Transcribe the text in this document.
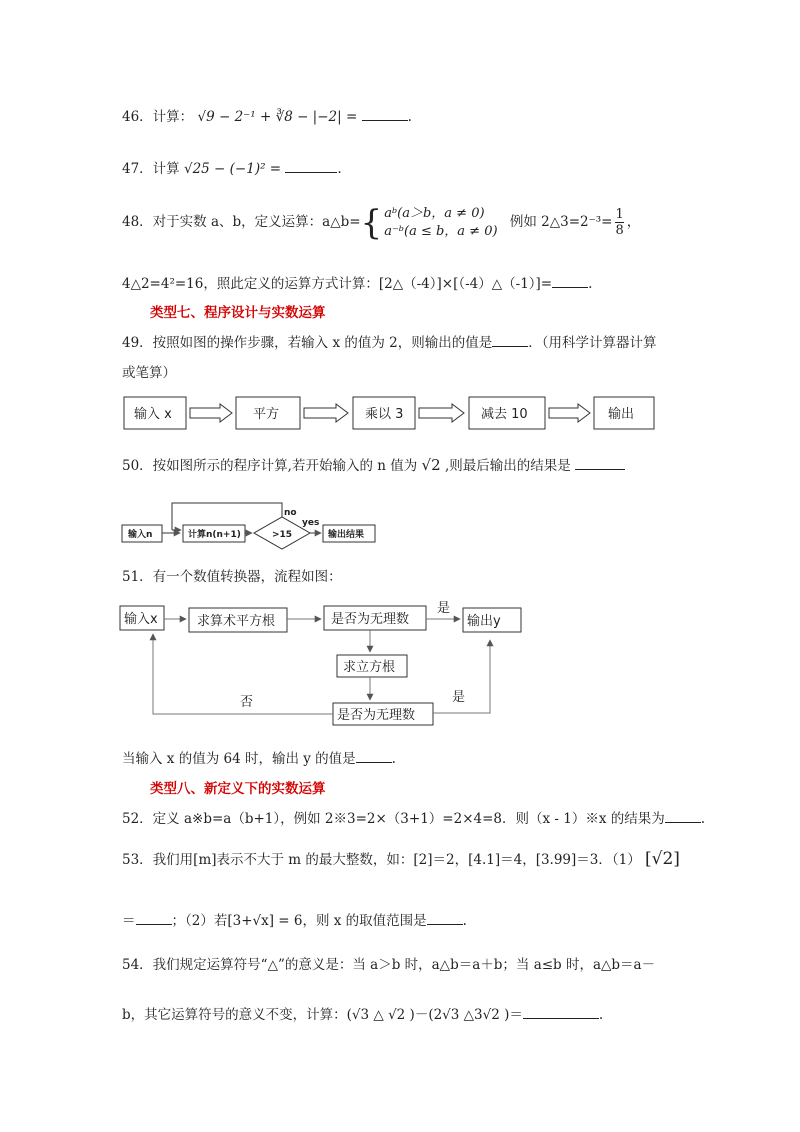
46．计算： √9 − 2⁻¹ + ∛8 − |−2| =	.
47．计算 √25 − (−1)² =	.
48．对于实数 a、b，定义运算：a△b={ aᵇ(a＞b，a ≠ 0)
a⁻ᵇ(a ≤ b，a ≠ 0)
例如 2△3=2⁻³= $\frac{1}{8}$ ，
4△2=4²=16，照此定义的运算方式计算：[2△（-4）]×[（-4）△（-1）]=	.
类型七、程序设计与实数运算
49．按照如图的操作步骤，若输入 x 的值为 2，则输出的值是	．（用科学计算器计算
或笔算）
输入 x	平方	乘以 3	减去 10	输出
输入n	计算n(n+1)	>15	输出结果
no
yes
输入x	求算术平方根	是否为无理数
是
输出y
求立方根
是否为无理数
是
否
50．按如图所示的程序计算,若开始输入的 n 值为 √2 ,则最后输出的结果是
51．有一个数值转换器，流程如图：
当输入 x 的值为 64 时，输出 y 的值是	.
类型八、新定义下的实数运算
52．定义 a※b=a（b+1），例如 2※3=2×（3+1）=2×4=8．则（x - 1）※x 的结果为	.
53．我们用[m]表示不大于 m 的最大整数，如：[2]＝2，[4.1]＝4，[3.99]＝3．（1） [√2]
＝	；（2）若[3+√x] = 6，则 x 的取值范围是	.
54．我们规定运算符号“△”的意义是：当 a＞b 时，a△b＝a＋b；当 a≤b 时，a△b＝a－
b，其它运算符号的意义不变，计算：(√3 △ √2 )－(2√3 △3√2 )＝	.
